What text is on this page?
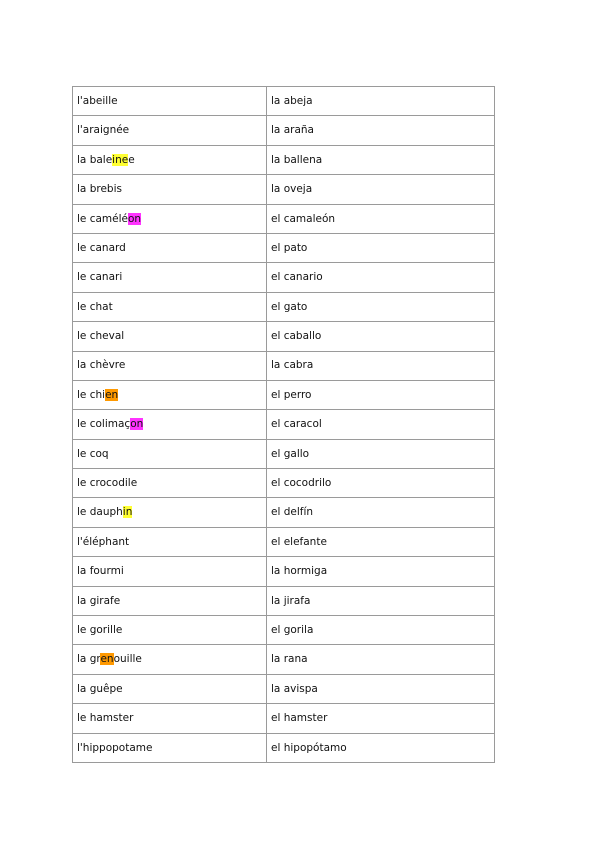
l'abeille	la abeja
l'araignée	la araña
la baleinee	la ballena
la brebis	la oveja
le caméléon	el camaleón
le canard	el pato
le canari	el canario
le chat	el gato
le cheval	el caballo
la chèvre	la cabra
le chien	el perro
le colimaçon	el caracol
le coq	el gallo
le crocodile	el cocodrilo
le dauphin	el delfín
l'éléphant	el elefante
la fourmi	la hormiga
la girafe	la jirafa
le gorille	el gorila
la grenouille	la rana
la guêpe	la avispa
le hamster	el hamster
l'hippopotame	el hipopótamo
